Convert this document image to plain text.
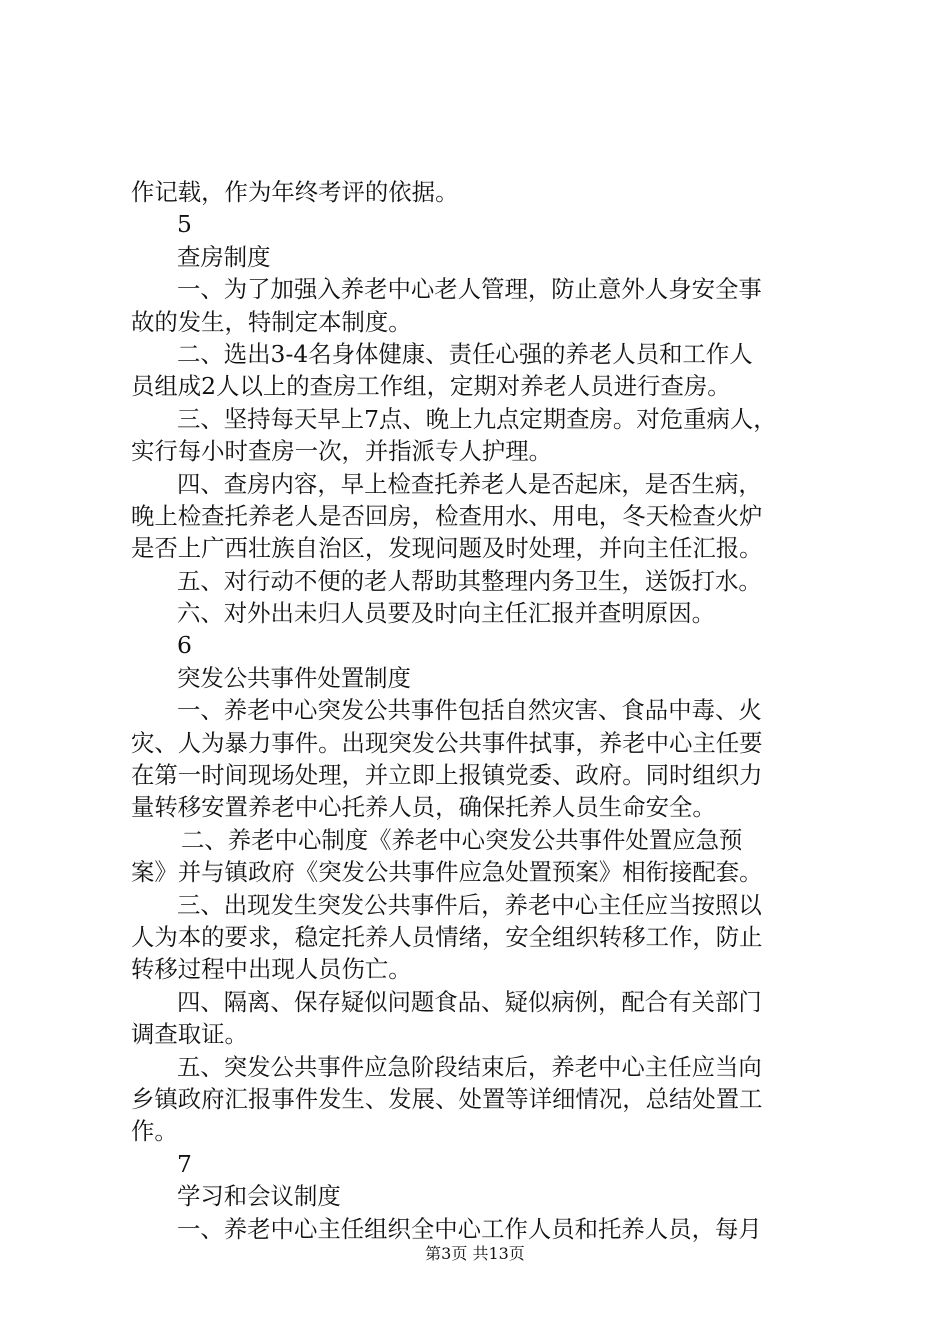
作记载，作为年终考评的依据。
5
查房制度
一、为了加强入养老中心老人管理，防止意外人身安全事
故的发生，特制定本制度。
二、选出3-4名身体健康、责任心强的养老人员和工作人
员组成2人以上的查房工作组，定期对养老人员进行查房。
三、坚持每天早上7点、晚上九点定期查房。对危重病人，
实行每小时查房一次，并指派专人护理。
四、查房内容，早上检查托养老人是否起床，是否生病，
晚上检查托养老人是否回房，检查用水、用电，冬天检查火炉
是否上广西壮族自治区，发现问题及时处理，并向主任汇报。
五、对行动不便的老人帮助其整理内务卫生，送饭打水。
六、对外出未归人员要及时向主任汇报并查明原因。
6
突发公共事件处置制度
一、养老中心突发公共事件包括自然灾害、食品中毒、火
灾、人为暴力事件。出现突发公共事件拭事，养老中心主任要
在第一时间现场处理，并立即上报镇党委、政府。同时组织力
量转移安置养老中心托养人员，确保托养人员生命安全。
二、养老中心制度《养老中心突发公共事件处置应急预
案》并与镇政府《突发公共事件应急处置预案》相衔接配套。
三、出现发生突发公共事件后，养老中心主任应当按照以
人为本的要求，稳定托养人员情绪，安全组织转移工作，防止
转移过程中出现人员伤亡。
四、隔离、保存疑似问题食品、疑似病例，配合有关部门
调查取证。
五、突发公共事件应急阶段结束后，养老中心主任应当向
乡镇政府汇报事件发生、发展、处置等详细情况，总结处置工
作。
7
学习和会议制度
一、养老中心主任组织全中心工作人员和托养人员，每月
第3页 共13页
